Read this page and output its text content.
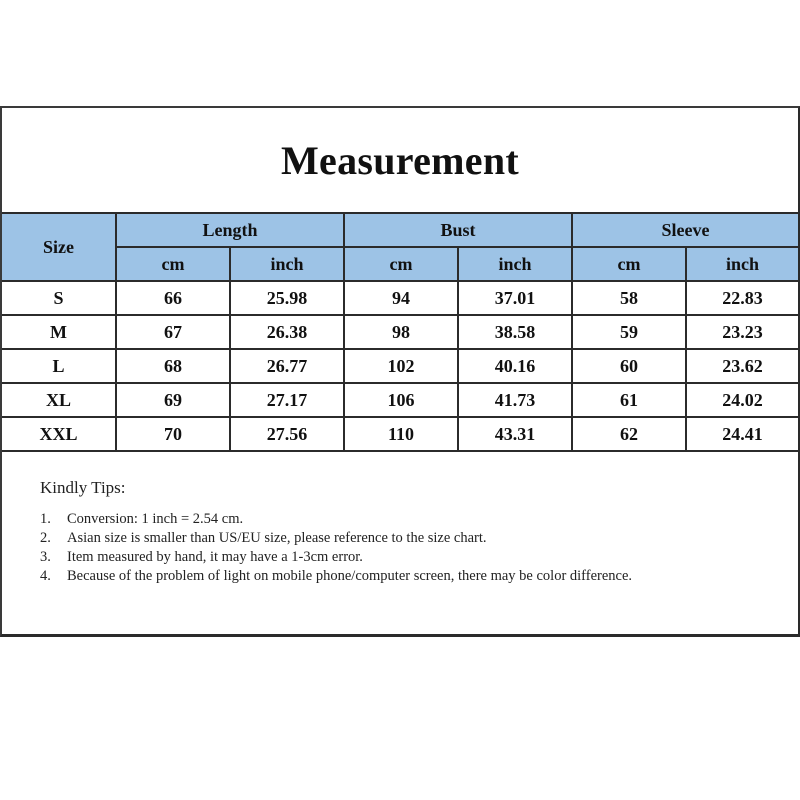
Measurement
Size	Length		Bust		Sleeve	
	cm	inch	cm	inch	cm	inch
S	66	25.98	94	37.01	58	22.83
M	67	26.38	98	38.58	59	23.23
L	68	26.77	102	40.16	60	23.62
XL	69	27.17	106	41.73	61	24.02
XXL	70	27.56	110	43.31	62	24.41
Kindly Tips:
1.	Conversion: 1 inch = 2.54 cm.
2.	Asian size is smaller than US/EU size, please reference to the size chart.
3.	Item measured by hand, it may have a 1-3cm error.
4.	Because of the problem of light on mobile phone/computer screen, there may be color difference.
